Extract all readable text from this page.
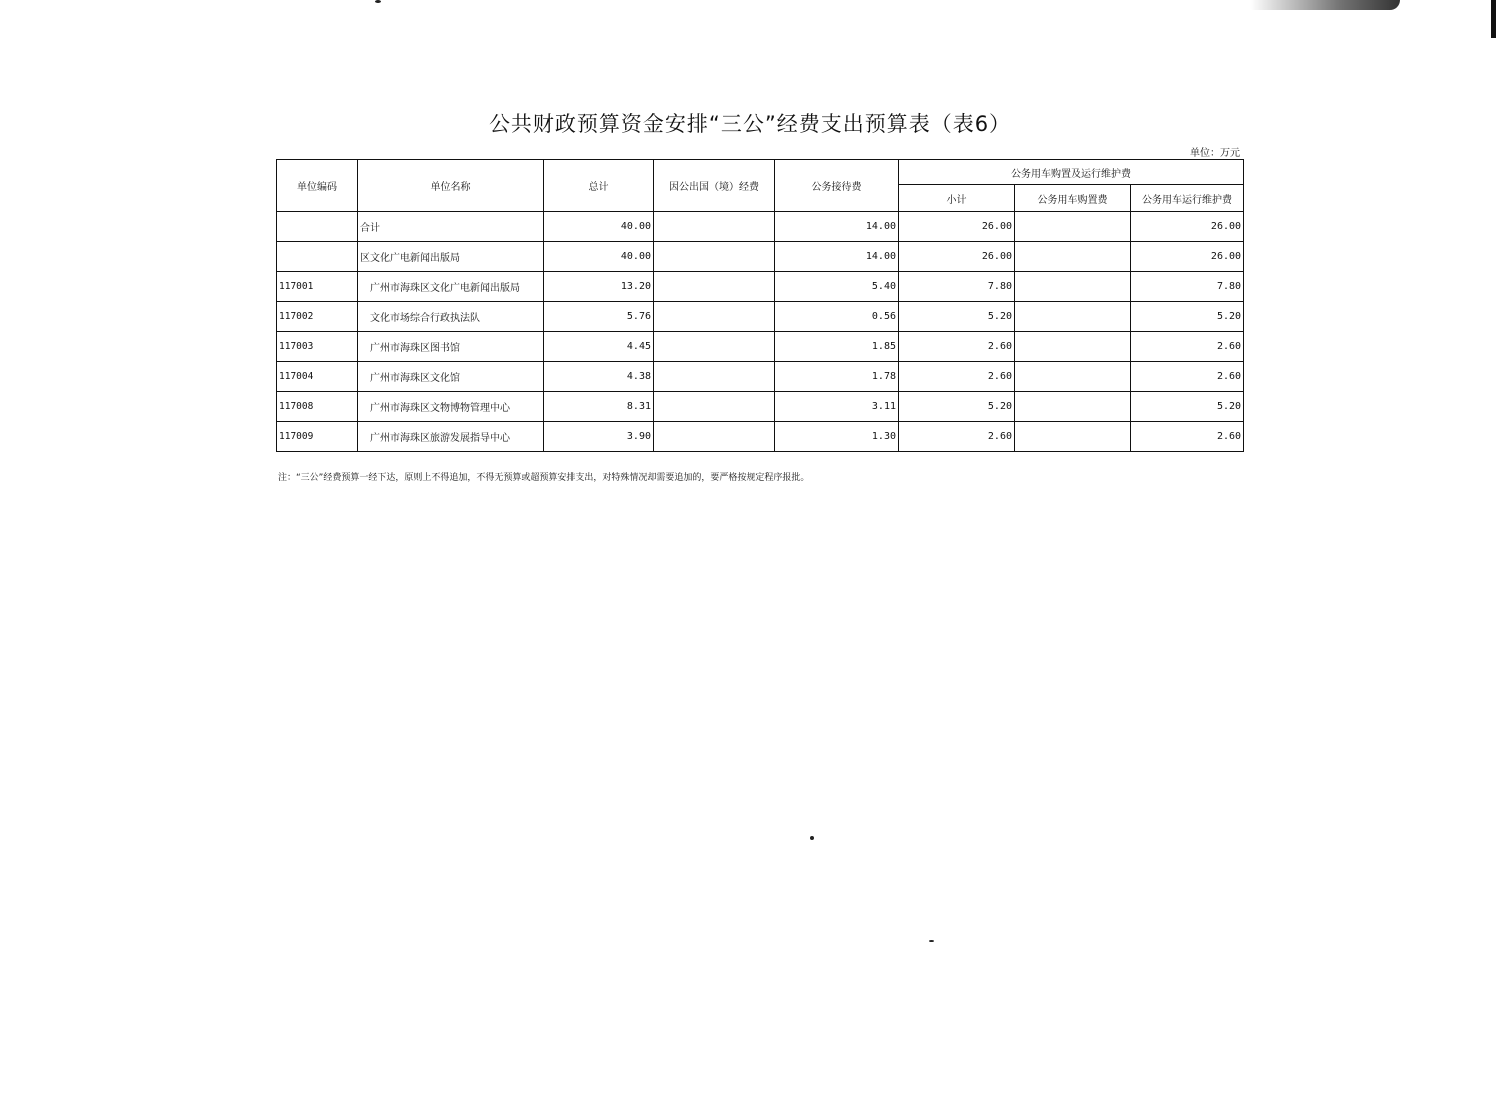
公共财政预算资金安排“三公”经费支出预算表（表6）
单位：万元
单位编码	单位名称	总计	因公出国（境）经费	公务接待费	公务用车购置及运行维护费		
					小计	公务用车购置费	公务用车运行维护费
	合计	40.00		14.00	26.00		26.00
	区文化广电新闻出版局	40.00		14.00	26.00		26.00
117001	广州市海珠区文化广电新闻出版局	13.20		5.40	7.80		7.80
117002	文化市场综合行政执法队	5.76		0.56	5.20		5.20
117003	广州市海珠区图书馆	4.45		1.85	2.60		2.60
117004	广州市海珠区文化馆	4.38		1.78	2.60		2.60
117008	广州市海珠区文物博物管理中心	8.31		3.11	5.20		5.20
117009	广州市海珠区旅游发展指导中心	3.90		1.30	2.60		2.60
注：“三公”经费预算一经下达，原则上不得追加，不得无预算或超预算安排支出，对特殊情况却需要追加的，要严格按规定程序报批。
